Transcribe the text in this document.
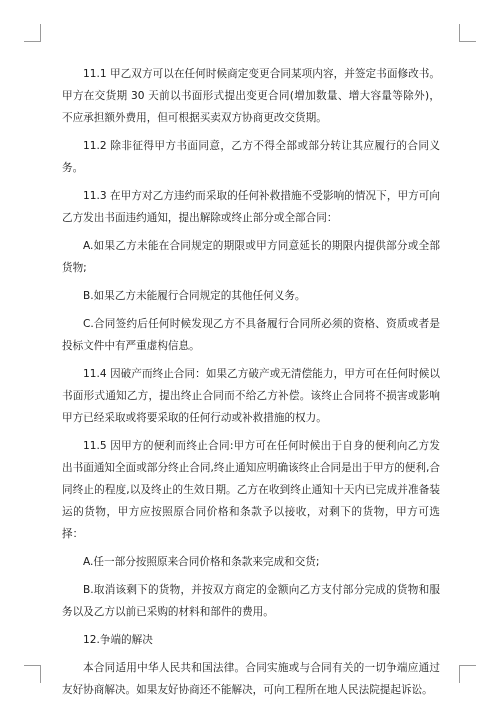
11.1 甲乙双方可以在任何时候商定变更合同某项内容，并签定书面修改书。甲方在交货期 30 天前以书面形式提出变更合同(增加数量、增大容量等除外)，不应承担额外费用，但可根据买卖双方协商更改交货期。

11.2 除非征得甲方书面同意，乙方不得全部或部分转让其应履行的合同义务。

11.3 在甲方对乙方违约而采取的任何补救措施不受影响的情况下，甲方可向乙方发出书面违约通知，提出解除或终止部分或全部合同：

A.如果乙方未能在合同规定的期限或甲方同意延长的期限内提供部分或全部货物;

B.如果乙方未能履行合同规定的其他任何义务。

C.合同签约后任何时候发现乙方不具备履行合同所必须的资格、资质或者是投标文件中有严重虚构信息。

11.4 因破产而终止合同：如果乙方破产或无清偿能力，甲方可在任何时候以书面形式通知乙方，提出终止合同而不给乙方补偿。该终止合同将不损害或影响甲方已经采取或将要采取的任何行动或补救措施的权力。

11.5 因甲方的便利而终止合同:甲方可在任何时候出于自身的便利向乙方发出书面通知全面或部分终止合同,终止通知应明确该终止合同是出于甲方的便利,合同终止的程度,以及终止的生效日期。乙方在收到终止通知十天内已完成并准备装运的货物，甲方应按照原合同价格和条款予以接收，对剩下的货物，甲方可选择：

A.任一部分按照原来合同价格和条款来完成和交货;

B.取消该剩下的货物，并按双方商定的金额向乙方支付部分完成的货物和服务以及乙方以前已采购的材料和部件的费用。

12.争端的解决

本合同适用中华人民共和国法律。合同实施或与合同有关的一切争端应通过友好协商解决。如果友好协商还不能解决，可向工程所在地人民法院提起诉讼。
